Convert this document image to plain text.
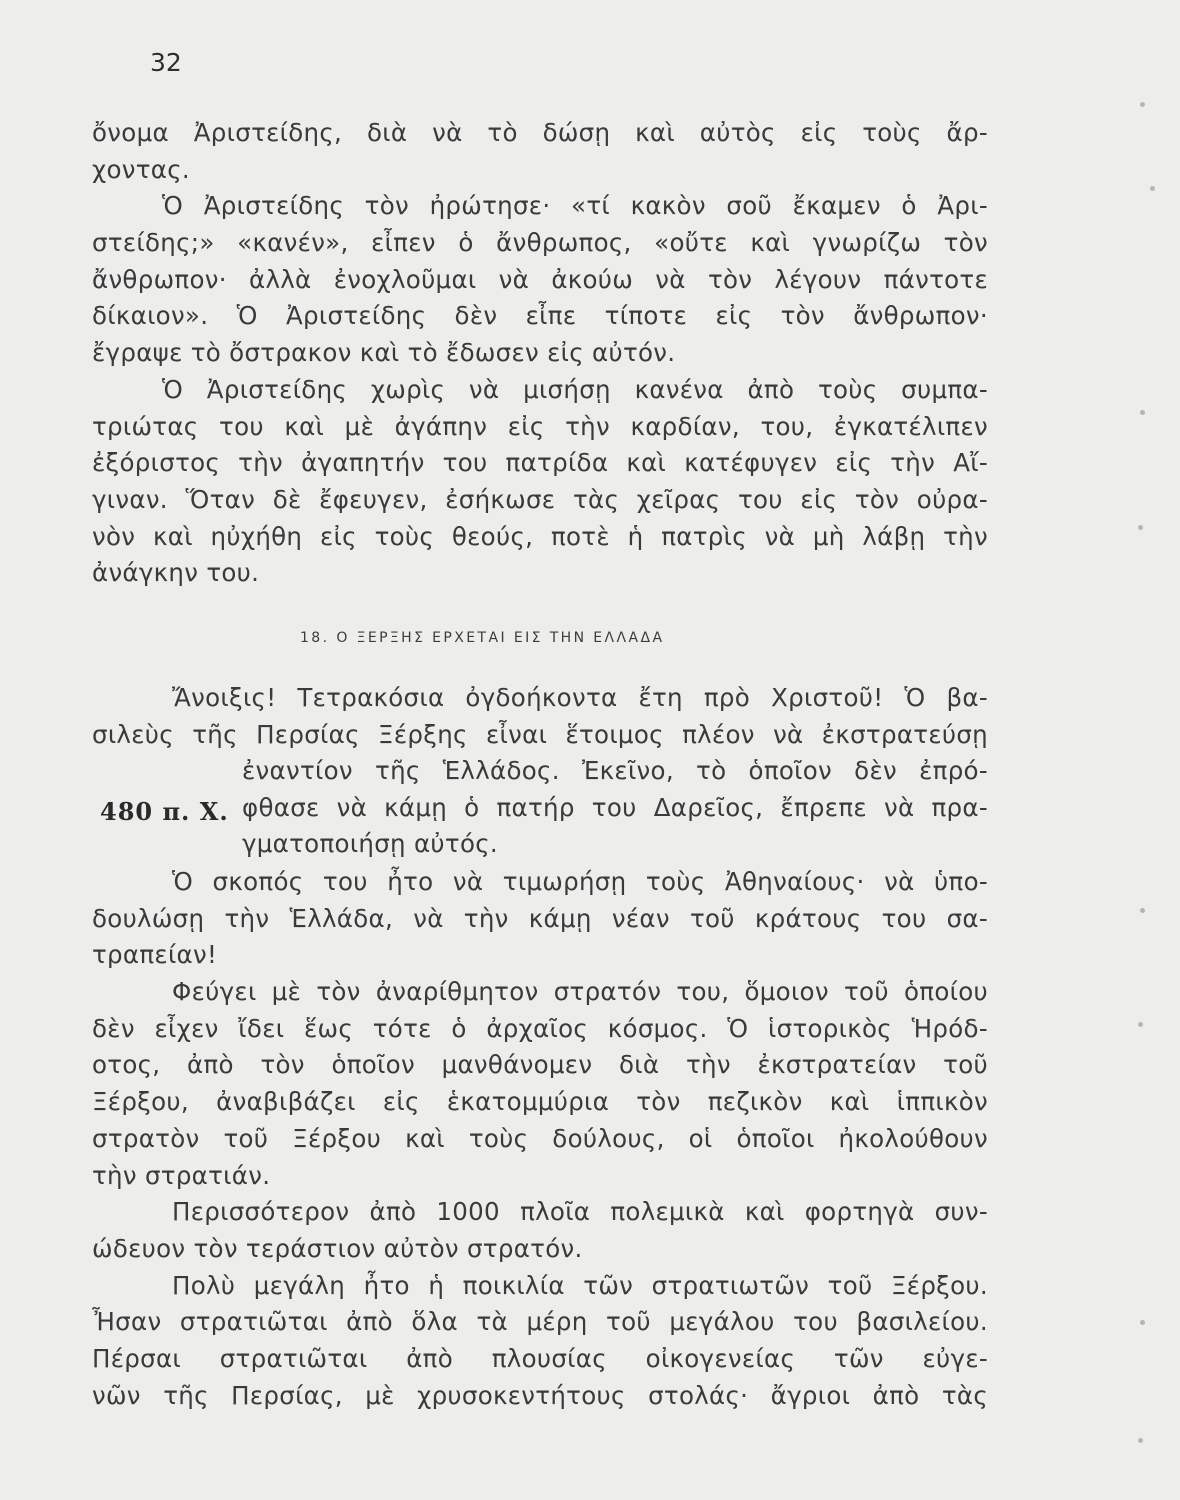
32
ὄνομα Ἀριστείδης, διὰ νὰ τὸ δώσῃ καὶ αὐτὸς εἰς τοὺς ἄρ-
χοντας.
Ὁ Ἀριστείδης τὸν ἠρώτησε· «τί κακὸν σοῦ ἔκαμεν ὁ Ἀρι-
στείδης;» «κανέν», εἶπεν ὁ ἄνθρωπος, «οὔτε καὶ γνωρίζω τὸν
ἄνθρωπον· ἀλλὰ ἐνοχλοῦμαι νὰ ἀκούω νὰ τὸν λέγουν πάντοτε
δίκαιον». Ὁ Ἀριστείδης δὲν εἶπε τίποτε εἰς τὸν ἄνθρωπον·
ἔγραψε τὸ ὄστρακον καὶ τὸ ἔδωσεν εἰς αὐτόν.
Ὁ Ἀριστείδης χωρὶς νὰ μισήσῃ κανένα ἀπὸ τοὺς συμπα-
τριώτας του καὶ μὲ ἀγάπην εἰς τὴν καρδίαν, του, ἐγκατέλιπεν
ἐξόριστος τὴν ἀγαπητήν του πατρίδα καὶ κατέφυγεν εἰς τὴν Αἴ-
γιναν. Ὅταν δὲ ἔφευγεν, ἐσήκωσε τὰς χεῖρας του εἰς τὸν οὐρα-
νὸν καὶ ηὐχήθη εἰς τοὺς θεούς, ποτὲ ἡ πατρὶς νὰ μὴ λάβῃ τὴν
ἀνάγκην του.
18. Ο ΞΕΡΞΗΣ ΕΡΧΕΤΑΙ ΕΙΣ ΤΗΝ ΕΛΛΑΔΑ
Ἄνοιξις! Τετρακόσια ὀγδοήκοντα ἔτη πρὸ Χριστοῦ! Ὁ βα-
σιλεὺς τῆς Περσίας Ξέρξης εἶναι ἕτοιμος πλέον νὰ ἐκστρατεύσῃ
ἐναντίον τῆς Ἑλλάδος. Ἐκεῖνο, τὸ ὁποῖον δὲν ἐπρό-
φθασε νὰ κάμῃ ὁ πατήρ του Δαρεῖος, ἔπρεπε νὰ πρα-
γματοποιήσῃ αὐτός.
480 π. Χ.
Ὁ σκοπός του ἦτο νὰ τιμωρήσῃ τοὺς Ἀθηναίους· νὰ ὑπο-
δουλώσῃ τὴν Ἑλλάδα, νὰ τὴν κάμῃ νέαν τοῦ κράτους του σα-
τραπείαν!
Φεύγει μὲ τὸν ἀναρίθμητον στρατόν του, ὅμοιον τοῦ ὁποίου
δὲν εἶχεν ἴδει ἕως τότε ὁ ἀρχαῖος κόσμος. Ὁ ἱστορικὸς Ἡρόδ-
οτος, ἀπὸ τὸν ὁποῖον μανθάνομεν διὰ τὴν ἐκστρατείαν τοῦ
Ξέρξου, ἀναβιβάζει εἰς ἑκατομμύρια τὸν πεζικὸν καὶ ἱππικὸν
στρατὸν τοῦ Ξέρξου καὶ τοὺς δούλους, οἱ ὁποῖοι ἠκολούθουν
τὴν στρατιάν.
Περισσότερον ἀπὸ 1000 πλοῖα πολεμικὰ καὶ φορτηγὰ συν-
ώδευον τὸν τεράστιον αὐτὸν στρατόν.
Πολὺ μεγάλη ἦτο ἡ ποικιλία τῶν στρατιωτῶν τοῦ Ξέρξου.
Ἦσαν στρατιῶται ἀπὸ ὅλα τὰ μέρη τοῦ μεγάλου του βασιλείου.
Πέρσαι στρατιῶται ἀπὸ πλουσίας οἰκογενείας τῶν εὐγε-
νῶν τῆς Περσίας, μὲ χρυσοκεντήτους στολάς· ἄγριοι ἀπὸ τὰς
